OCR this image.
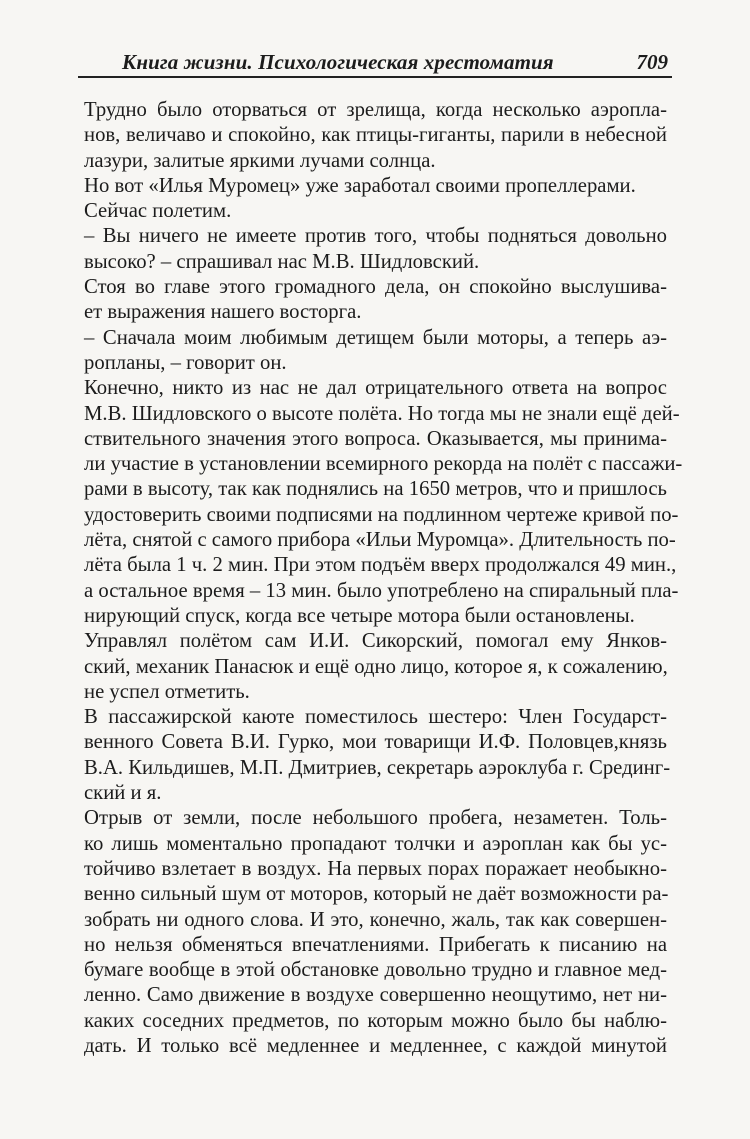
Книга жизни. Психологическая хрестоматия	709
Трудно было оторваться от зрелища, когда несколько аэропла-
нов, величаво и спокойно, как птицы-гиганты, парили в небесной
лазури, залитые яркими лучами солнца.
Но вот «Илья Муромец» уже заработал своими пропеллерами.
Сейчас полетим.
– Вы ничего не имеете против того, чтобы подняться довольно
высоко? – спрашивал нас М.В. Шидловский.
Стоя во главе этого громадного дела, он спокойно выслушива-
ет выражения нашего восторга.
– Сначала моим любимым детищем были моторы, а теперь аэ-
ропланы, – говорит он.
Конечно, никто из нас не дал отрицательного ответа на вопрос
М.В. Шидловского о высоте полёта. Но тогда мы не знали ещё дей-
ствительного значения этого вопроса. Оказывается, мы принима-
ли участие в установлении всемирного рекорда на полёт с пассажи-
рами в высоту, так как поднялись на 1650 метров, что и пришлось
удостоверить своими подписями на подлинном чертеже кривой по-
лёта, снятой с самого прибора «Ильи Муромца». Длительность по-
лёта была 1 ч. 2 мин. При этом подъём вверх продолжался 49 мин.,
а остальное время – 13 мин. было употреблено на спиральный пла-
нирующий спуск, когда все четыре мотора были остановлены.
Управлял полётом сам И.И. Сикорский, помогал ему Янков-
ский, механик Панасюк и ещё одно лицо, которое я, к сожалению,
не успел отметить.
В пассажирской каюте поместилось шестеро: Член Государст-
венного Совета В.И. Гурко, мои товарищи И.Ф. Половцев,князь
В.А. Кильдишев, М.П. Дмитриев, секретарь аэроклуба г. Срединг-
ский и я.
Отрыв от земли, после небольшого пробега, незаметен. Толь-
ко лишь моментально пропадают толчки и аэроплан как бы ус-
тойчиво взлетает в воздух. На первых порах поражает необыкно-
венно сильный шум от моторов, который не даёт возможности ра-
зобрать ни одного слова. И это, конечно, жаль, так как совершен-
но нельзя обменяться впечатлениями. Прибегать к писанию на
бумаге вообще в этой обстановке довольно трудно и главное мед-
ленно. Само движение в воздухе совершенно неощутимо, нет ни-
каких соседних предметов, по которым можно было бы наблю-
дать. И только всё медленнее и медленнее, с каждой минутой
